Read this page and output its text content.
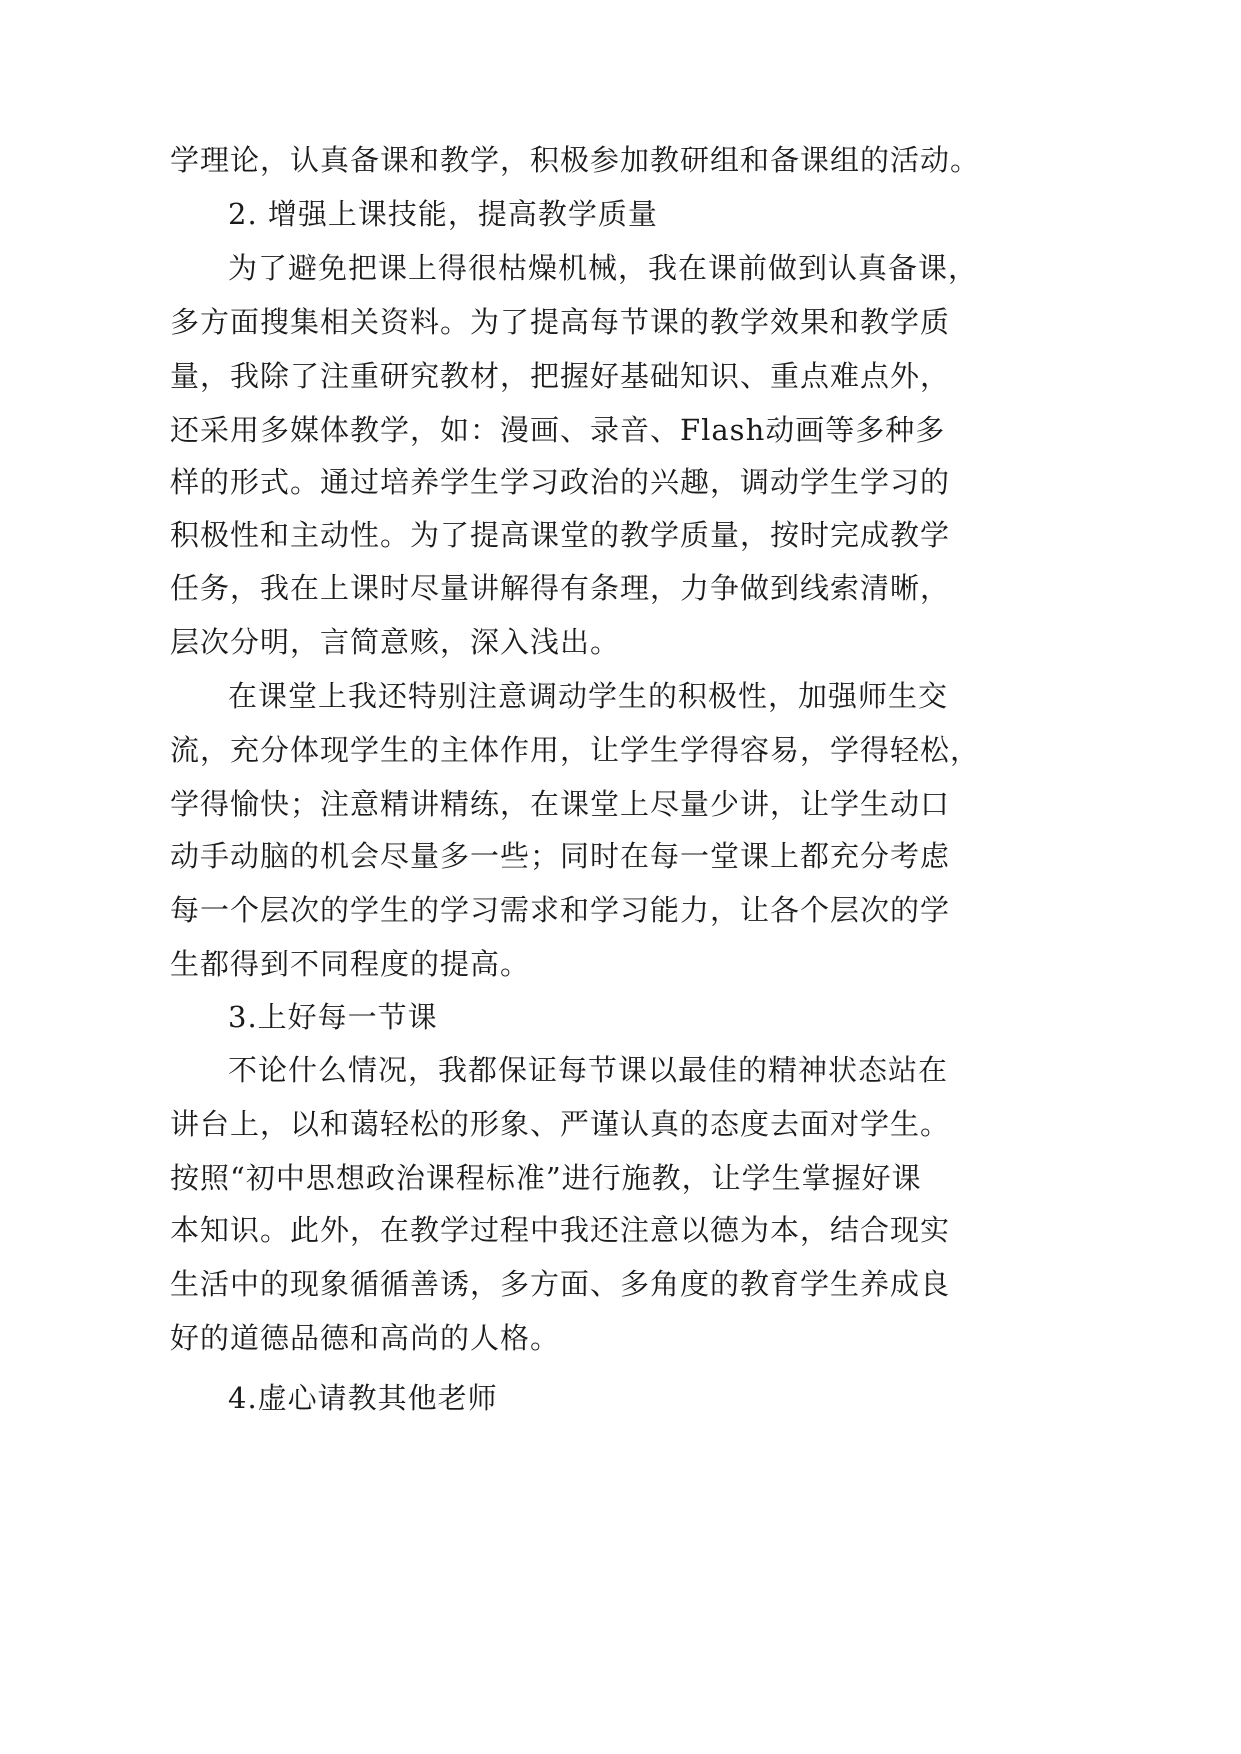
学理论，认真备课和教学，积极参加教研组和备课组的活动。
2. 增强上课技能，提高教学质量
为了避免把课上得很枯燥机械，我在课前做到认真备课，
多方面搜集相关资料。为了提高每节课的教学效果和教学质
量，我除了注重研究教材，把握好基础知识、重点难点外，
还采用多媒体教学，如：漫画、录音、Flash动画等多种多
样的形式。通过培养学生学习政治的兴趣，调动学生学习的
积极性和主动性。为了提高课堂的教学质量，按时完成教学
任务，我在上课时尽量讲解得有条理，力争做到线索清晰，
层次分明，言简意赅，深入浅出。
在课堂上我还特别注意调动学生的积极性，加强师生交
流，充分体现学生的主体作用，让学生学得容易，学得轻松，
学得愉快；注意精讲精练，在课堂上尽量少讲，让学生动口
动手动脑的机会尽量多一些；同时在每一堂课上都充分考虑
每一个层次的学生的学习需求和学习能力，让各个层次的学
生都得到不同程度的提高。
3.上好每一节课
不论什么情况，我都保证每节课以最佳的精神状态站在
讲台上，以和蔼轻松的形象、严谨认真的态度去面对学生。
按照“初中思想政治课程标准”进行施教，让学生掌握好课
本知识。此外，在教学过程中我还注意以德为本，结合现实
生活中的现象循循善诱，多方面、多角度的教育学生养成良
好的道德品德和高尚的人格。
4.虚心请教其他老师
